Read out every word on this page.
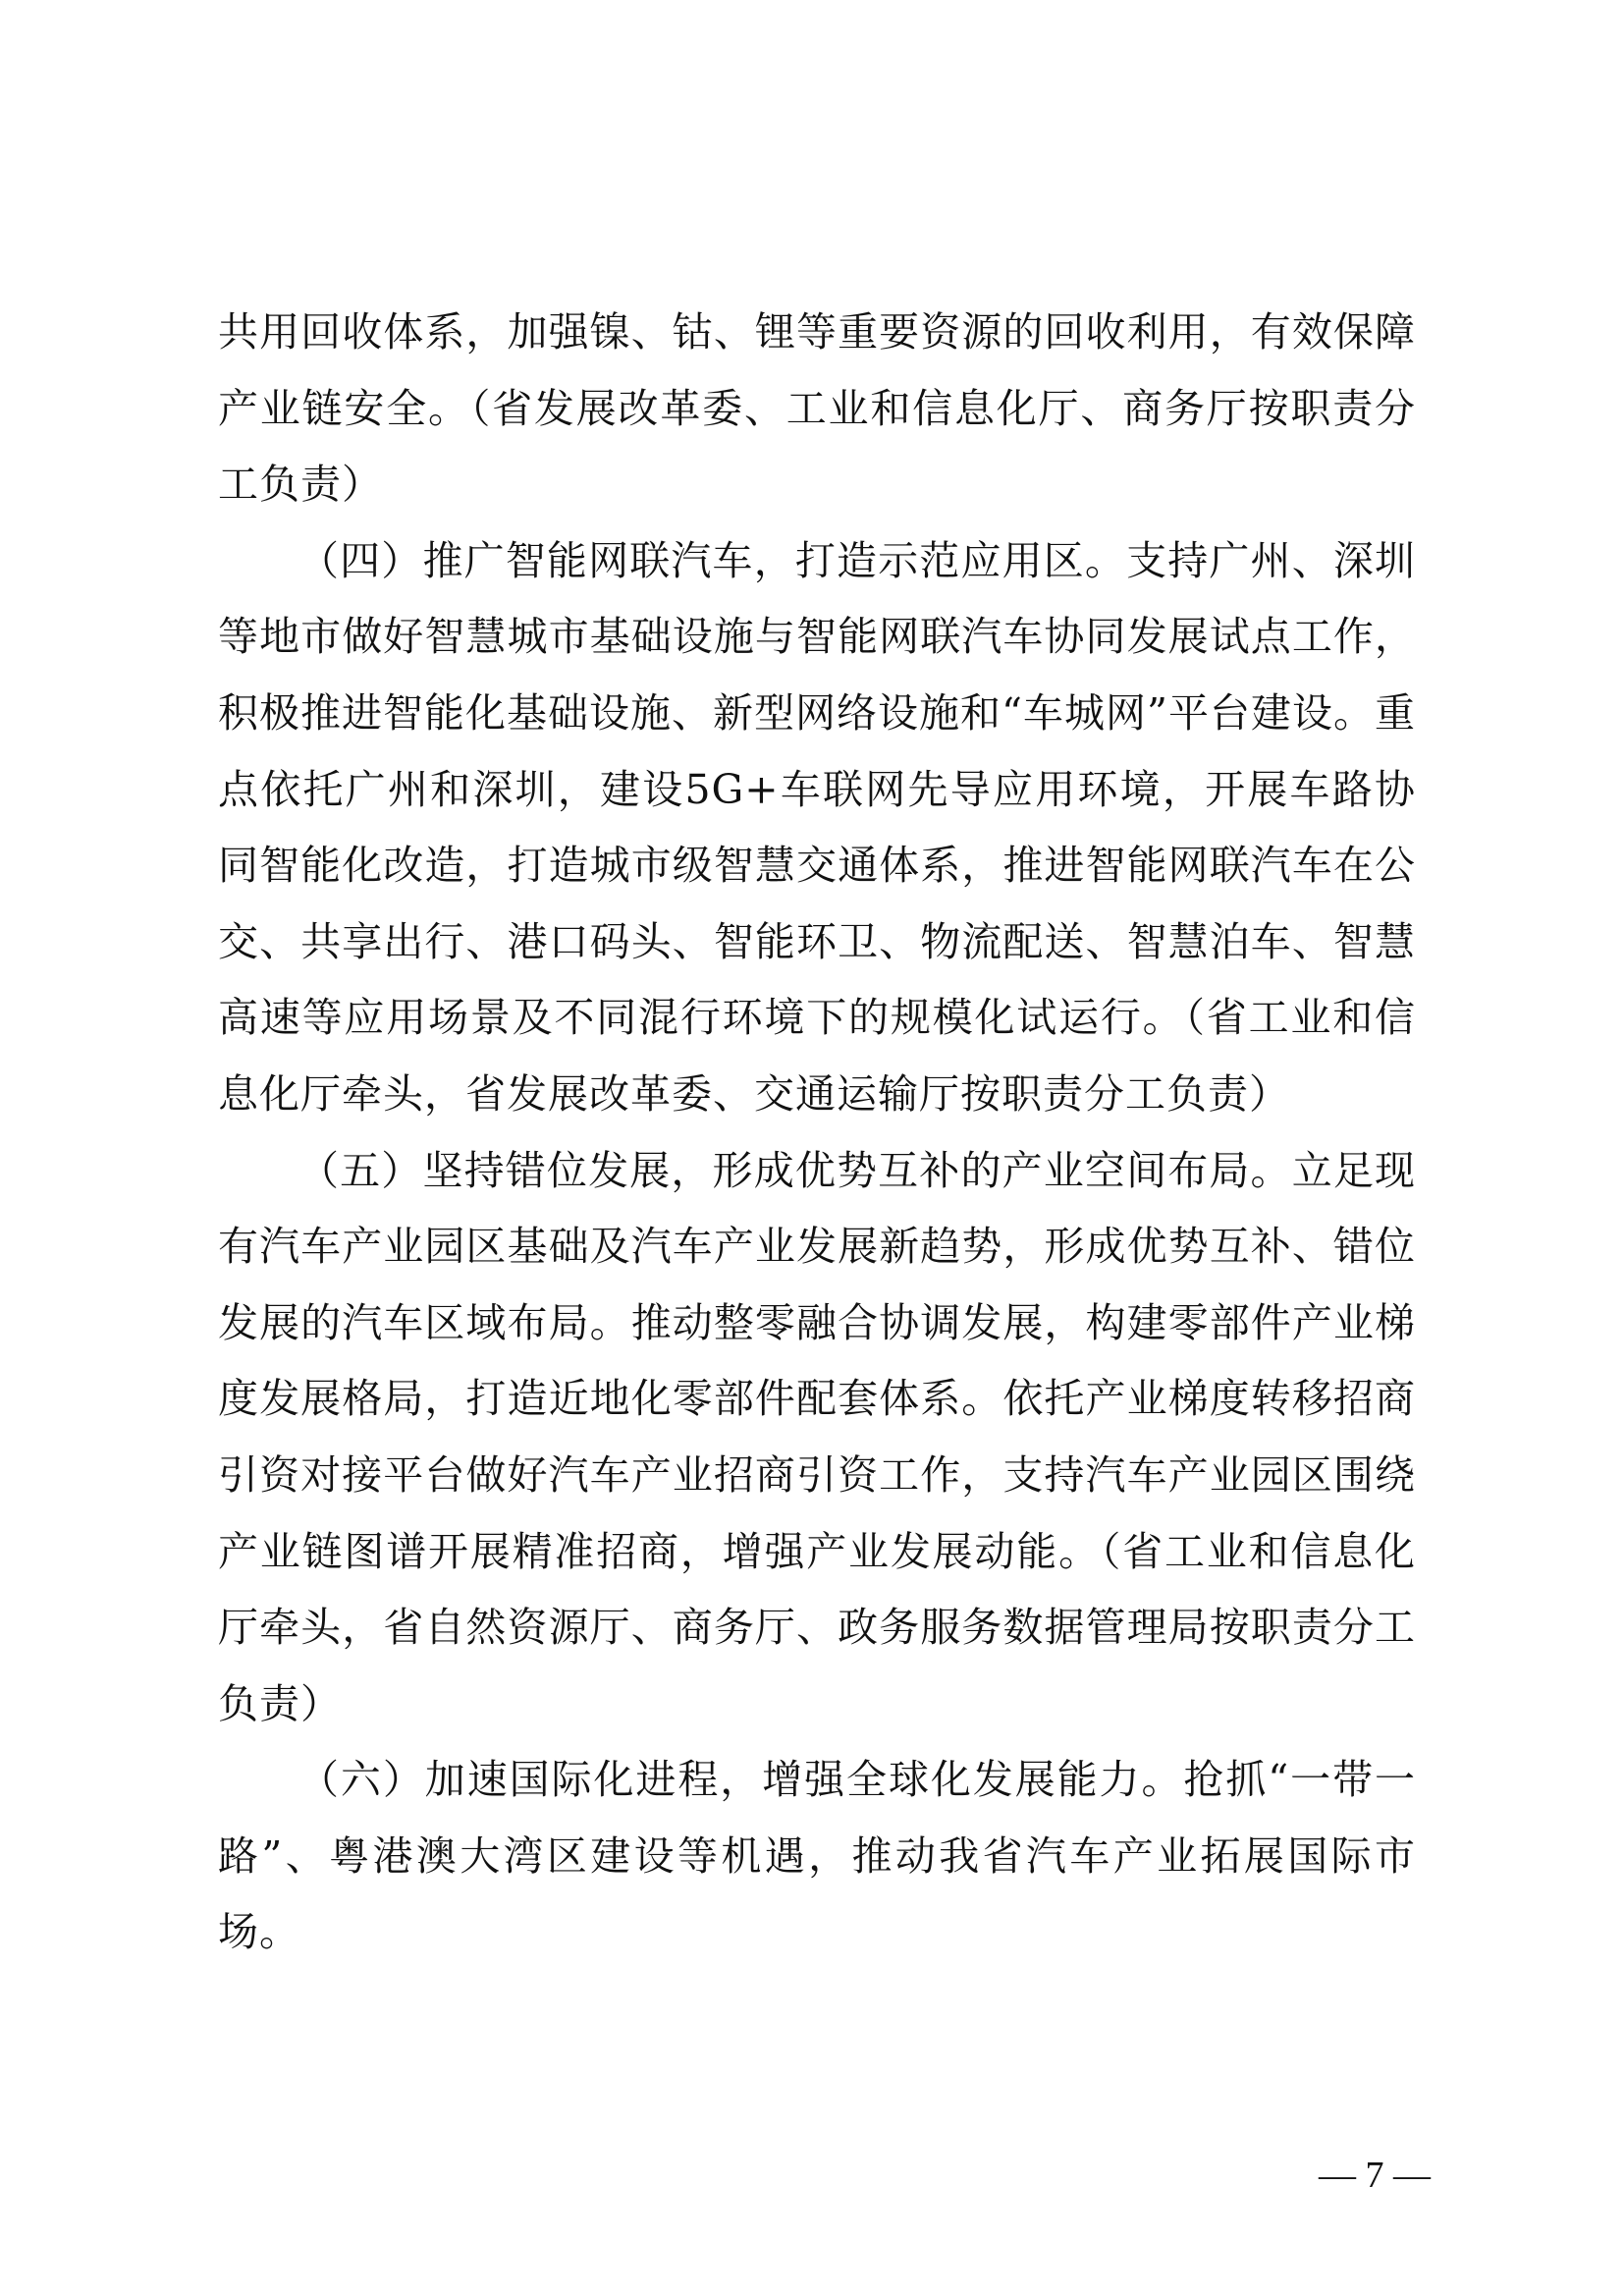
共用回收体系，加强镍、钴、锂等重要资源的回收利用，有效保障产业链安全。（省发展改革委、工业和信息化厅、商务厅按职责分工负责）

（四）推广智能网联汽车，打造示范应用区。支持广州、深圳等地市做好智慧城市基础设施与智能网联汽车协同发展试点工作，积极推进智能化基础设施、新型网络设施和“车城网”平台建设。重点依托广州和深圳，建设5G+车联网先导应用环境，开展车路协同智能化改造，打造城市级智慧交通体系，推进智能网联汽车在公交、共享出行、港口码头、智能环卫、物流配送、智慧泊车、智慧高速等应用场景及不同混行环境下的规模化试运行。（省工业和信息化厅牵头，省发展改革委、交通运输厅按职责分工负责）

（五）坚持错位发展，形成优势互补的产业空间布局。立足现有汽车产业园区基础及汽车产业发展新趋势，形成优势互补、错位发展的汽车区域布局。推动整零融合协调发展，构建零部件产业梯度发展格局，打造近地化零部件配套体系。依托产业梯度转移招商引资对接平台做好汽车产业招商引资工作，支持汽车产业园区围绕产业链图谱开展精准招商，增强产业发展动能。（省工业和信息化厅牵头，省自然资源厅、商务厅、政务服务数据管理局按职责分工负责）

（六）加速国际化进程，增强全球化发展能力。抢抓“一带一路”、粤港澳大湾区建设等机遇，推动我省汽车产业拓展国际市场。

— 7 —
